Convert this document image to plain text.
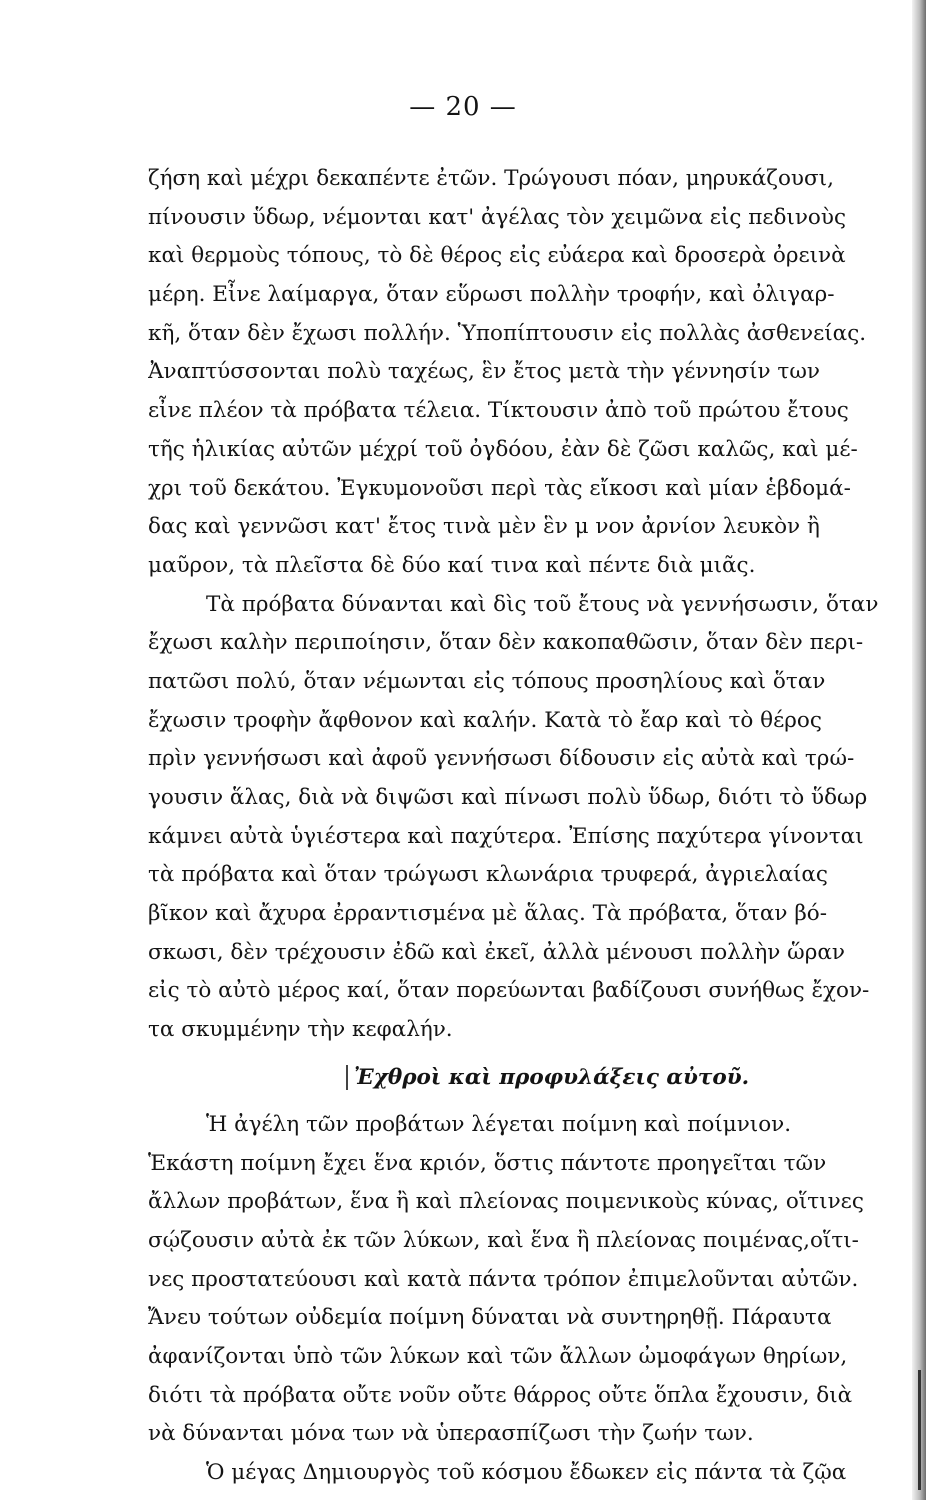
— 20 —
ζήση καὶ μέχρι δεκαπέντε ἐτῶν. Τρώγουσι πόαν, μηρυκάζουσι,
πίνουσιν ὕδωρ, νέμονται κατ' ἀγέλας τὸν χειμῶνα εἰς πεδινοὺς
καὶ θερμοὺς τόπους, τὸ δὲ θέρος εἰς εὐάερα καὶ δροσερὰ ὀρεινὰ
μέρη. Εἶνε λαίμαργα, ὅταν εὕρωσι πολλὴν τροφήν, καὶ ὀλιγαρ-
κῆ, ὅταν δὲν ἔχωσι πολλήν. Ὑποπίπτουσιν εἰς πολλὰς ἀσθενείας.
Ἀναπτύσσονται πολὺ ταχέως, ἓν ἔτος μετὰ τὴν γέννησίν των
εἶνε πλέον τὰ πρόβατα τέλεια. Τίκτουσιν ἀπὸ τοῦ πρώτου ἔτους
τῆς ἡλικίας αὐτῶν μέχρί τοῦ ὀγδόου, ἐὰν δὲ ζῶσι καλῶς, καὶ μέ-
χρι τοῦ δεκάτου. Ἐγκυμονοῦσι περὶ τὰς εἴκοσι καὶ μίαν ἑβδομά-
δας καὶ γεννῶσι κατ' ἔτος τινὰ μὲν ἓν μ νον ἀρνίον λευκὸν ἢ
μαῦρον, τὰ πλεῖστα δὲ δύο καί τινα καὶ πέντε διὰ μιᾶς.
Τὰ πρόβατα δύνανται καὶ δὶς τοῦ ἔτους νὰ γεννήσωσιν, ὅταν
ἔχωσι καλὴν περιποίησιν, ὅταν δὲν κακοπαθῶσιν, ὅταν δὲν περι-
πατῶσι πολύ, ὅταν νέμωνται εἰς τόπους προσηλίους καὶ ὅταν
ἔχωσιν τροφὴν ἄφθονον καὶ καλήν. Κατὰ τὸ ἔαρ καὶ τὸ θέρος
πρὶν γεννήσωσι καὶ ἀφοῦ γεννήσωσι δίδουσιν εἰς αὐτὰ καὶ τρώ-
γουσιν ἅλας, διὰ νὰ διψῶσι καὶ πίνωσι πολὺ ὕδωρ, διότι τὸ ὕδωρ
κάμνει αὐτὰ ὑγιέστερα καὶ παχύτερα. Ἐπίσης παχύτερα γίνονται
τὰ πρόβατα καὶ ὅταν τρώγωσι κλωνάρια τρυφερά, ἀγριελαίας
βῖκον καὶ ἄχυρα ἐρραντισμένα μὲ ἅλας. Τὰ πρόβατα, ὅταν βό-
σκωσι, δὲν τρέχουσιν ἐδῶ καὶ ἐκεῖ, ἀλλὰ μένουσι πολλὴν ὥραν
εἰς τὸ αὐτὸ μέρος καί, ὅταν πορεύωνται βαδίζουσι συνήθως ἔχον-
τα σκυμμένην τὴν κεφαλήν.
Ἐχθροὶ καὶ προφυλάξεις αὐτοῦ.
Ἡ ἀγέλη τῶν προβάτων λέγεται ποίμνη καὶ ποίμνιον.
Ἑκάστη ποίμνη ἔχει ἕνα κριόν, ὅστις πάντοτε προηγεῖται τῶν
ἄλλων προβάτων, ἕνα ἢ καὶ πλείονας ποιμενικοὺς κύνας, οἵτινες
σῴζουσιν αὐτὰ ἐκ τῶν λύκων, καὶ ἕνα ἢ πλείονας ποιμένας,οἵτι-
νες προστατεύουσι καὶ κατὰ πάντα τρόπον ἐπιμελοῦνται αὐτῶν.
Ἄνευ τούτων οὐδεμία ποίμνη δύναται νὰ συντηρηθῇ. Πάραυτα
ἀφανίζονται ὑπὸ τῶν λύκων καὶ τῶν ἄλλων ὠμοφάγων θηρίων,
διότι τὰ πρόβατα οὔτε νοῦν οὔτε θάρρος οὔτε ὅπλα ἔχουσιν, διὰ
νὰ δύνανται μόνα των νὰ ὑπερασπίζωσι τὴν ζωήν των.
Ὁ μέγας Δημιουργὸς τοῦ κόσμου ἔδωκεν εἰς πάντα τὰ ζῷα
